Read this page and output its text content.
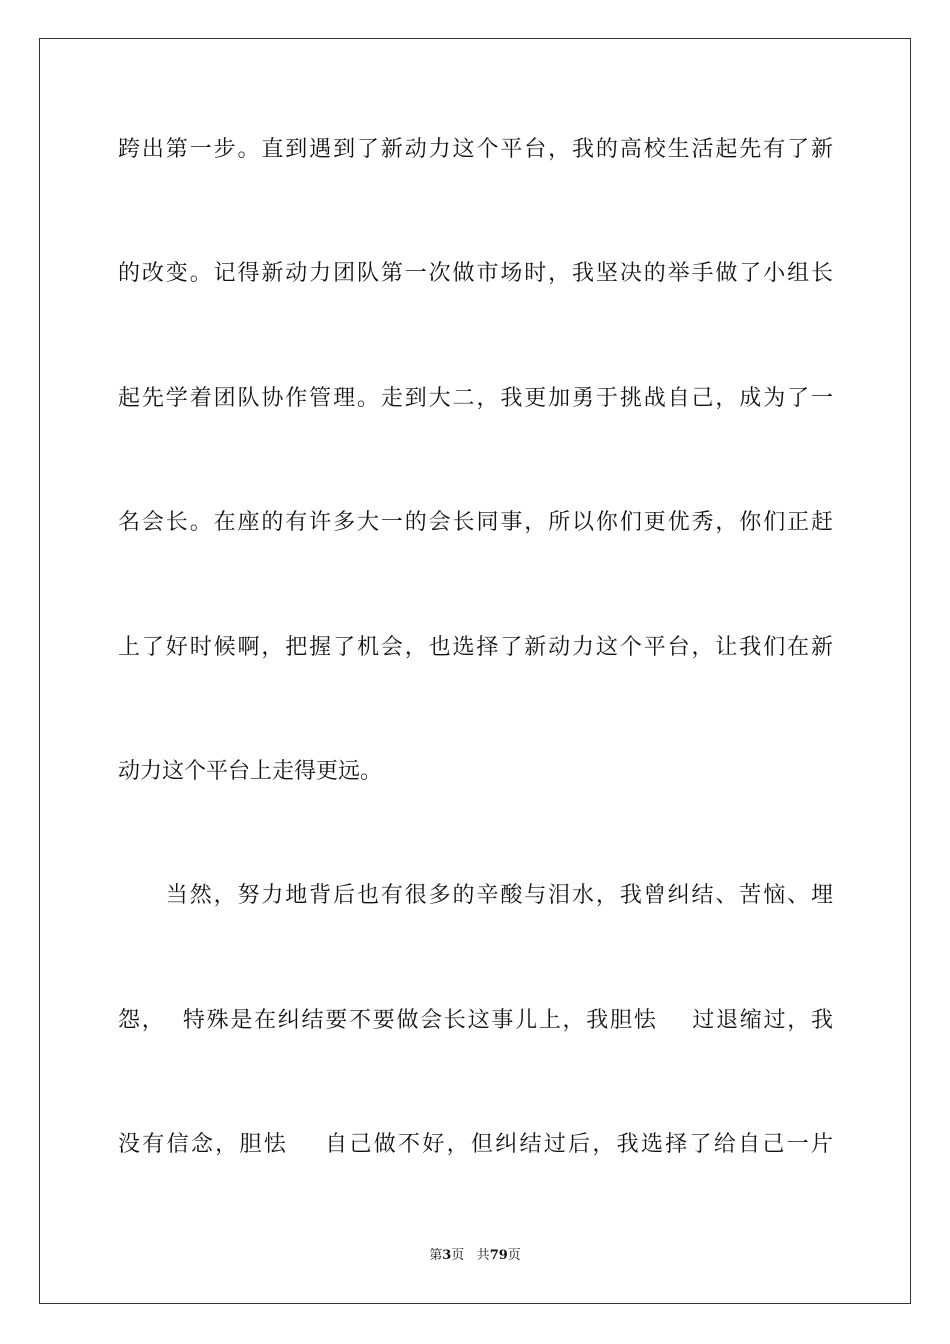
跨出第一步。直到遇到了新动力这个平台，我的高校生活起先有了新
的改变。记得新动力团队第一次做市场时，我坚决的举手做了小组长
起先学着团队协作管理。走到大二，我更加勇于挑战自己，成为了一
名会长。在座的有许多大一的会长同事，所以你们更优秀，你们正赶
上了好时候啊，把握了机会，也选择了新动力这个平台，让我们在新
动力这个平台上走得更远。
　　当然，努力地背后也有很多的辛酸与泪水，我曾纠结、苦恼、埋
怨，  特殊是在纠结要不要做会长这事儿上，我胆怯    过退缩过，我
没有信念，胆怯    自己做不好，但纠结过后，我选择了给自己一片
第3页 共79页
